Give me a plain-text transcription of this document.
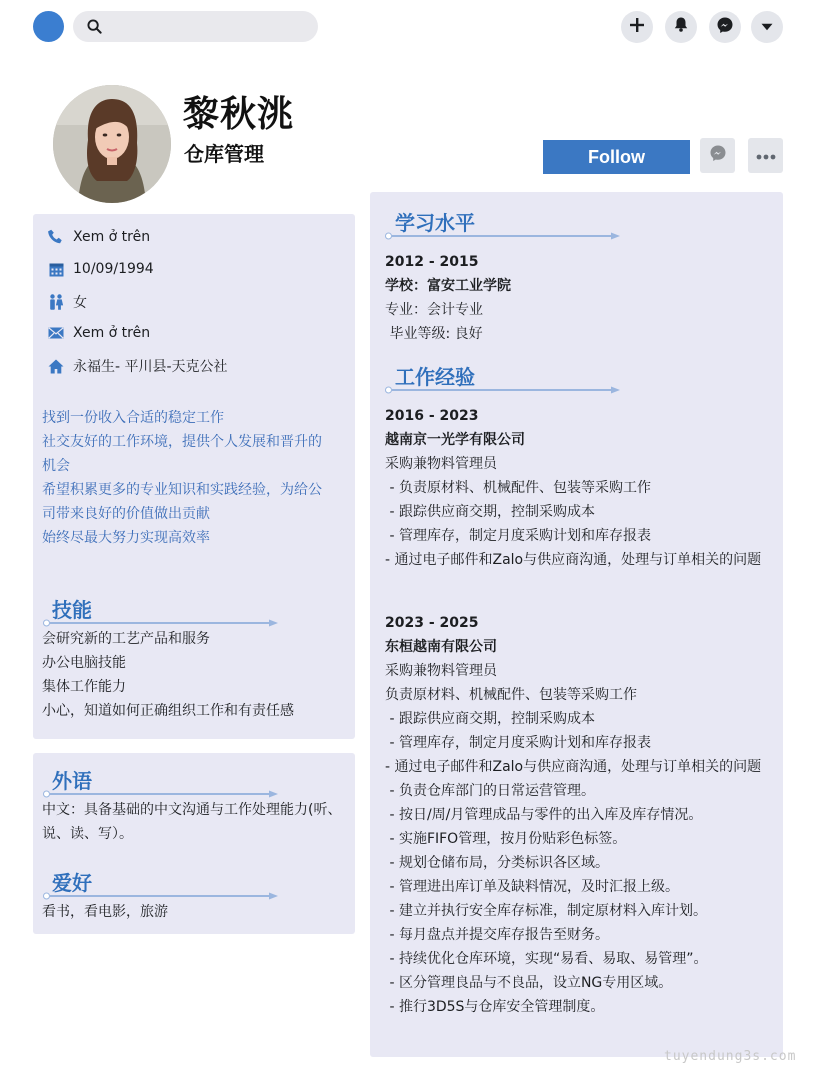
黎秋洮
仓库管理	Follow
Xem ở trên
10/09/1994
女
Xem ở trên
永福生- 平川县-天克公社
找到一份收入合适的稳定工作
社交友好的工作环境，提供个人发展和晋升的机会
希望积累更多的专业知识和实践经验，为给公司带来良好的价值做出贡献
始终尽最大努力实现高效率
技能
会研究新的工艺产品和服务
办公电脑技能
集体工作能力
小心，知道如何正确组织工作和有责任感
外语
中文：具备基础的中文沟通与工作处理能力(听、说、读、写）。
爱好
看书，看电影，旅游
学习水平
2012 - 2015
学校：富安工业学院
专业：会计专业
毕业等级: 良好
工作经验
2016 - 2023
越南京一光学有限公司
采购兼物料管理员
- 负责原材料、机械配件、包装等采购工作
- 跟踪供应商交期，控制采购成本
- 管理库存，制定月度采购计划和库存报表
- 通过电子邮件和Zalo与供应商沟通，处理与订单相关的问题
2023 - 2025
东桓越南有限公司
采购兼物料管理员
负责原材料、机械配件、包装等采购工作
- 跟踪供应商交期，控制采购成本
- 管理库存，制定月度采购计划和库存报表
- 通过电子邮件和Zalo与供应商沟通，处理与订单相关的问题
- 负责仓库部门的日常运营管理。
- 按日/周/月管理成品与零件的出入库及库存情况。
- 实施FIFO管理，按月份贴彩色标签。
- 规划仓储布局，分类标识各区域。
- 管理进出库订单及缺料情况，及时汇报上级。
- 建立并执行安全库存标准，制定原材料入库计划。
- 每月盘点并提交库存报告至财务。
- 持续优化仓库环境，实现“易看、易取、易管理”。
- 区分管理良品与不良品，设立NG专用区域。
- 推行3D5S与仓库安全管理制度。
tuyendung3s.com
